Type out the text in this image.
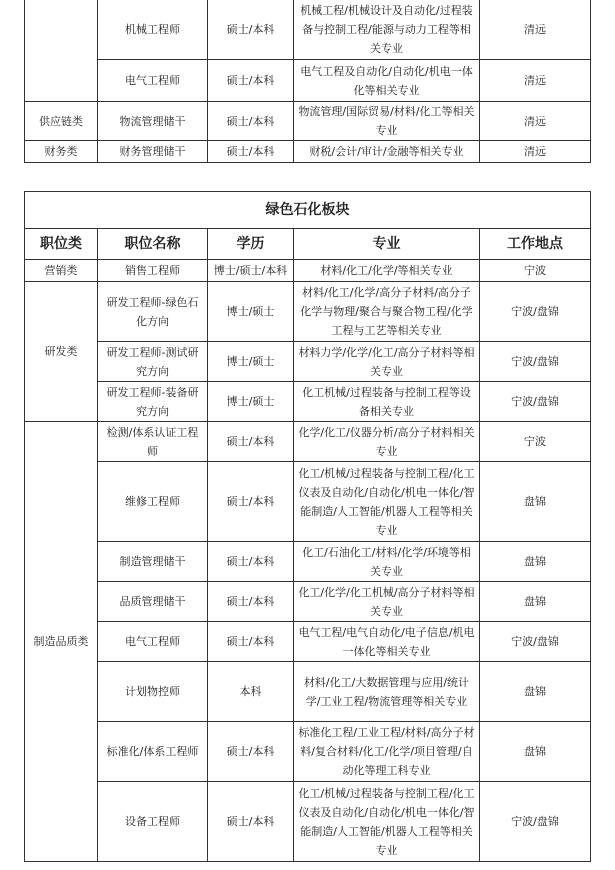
	机械工程师	硕士/本科	机械工程/机械设计及自动化/过程装备与控制工程/能源与动力工程等相关专业	清远
	电气工程师	硕士/本科	电气工程及自动化/自动化/机电一体化等相关专业	清远
供应链类	物流管理储干	硕士/本科	物流管理/国际贸易/材料/化工等相关专业	清远
财务类	财务管理储干	硕士/本科	财税/会计/审计/金融等相关专业	清远
绿色石化板块				
职位类	职位名称	学历	专业	工作地点
营销类	销售工程师	博士/硕士/本科	材料/化工/化学/等相关专业	宁波
研发类	研发工程师-绿色石化方向	博士/硕士	材料/化工/化学/高分子材料/高分子化学与物理/聚合与聚合物工程/化学工程与工艺等相关专业	宁波/盘锦
	研发工程师-测试研究方向	博士/硕士	材料力学/化学/化工/高分子材料等相关专业	宁波/盘锦
	研发工程师-装备研究方向	博士/硕士	化工机械/过程装备与控制工程等设备相关专业	宁波/盘锦
制造品质类	检测/体系认证工程师	硕士/本科	化学/化工/仪器分析/高分子材料相关专业	宁波
	维修工程师	硕士/本科	化工/机械/过程装备与控制工程/化工仪表及自动化/自动化/机电一体化/智能制造/人工智能/机器人工程等相关专业	盘锦
	制造管理储干	硕士/本科	化工/石油化工/材料/化学/环境等相关专业	盘锦
	品质管理储干	硕士/本科	化工/化学/化工机械/高分子材料等相关专业	盘锦
	电气工程师	硕士/本科	电气工程/电气自动化/电子信息/机电一体化等相关专业	宁波/盘锦
	计划物控师	本科	材料/化工/大数据管理与应用/统计学/工业工程/物流管理等相关专业	盘锦
	标准化/体系工程师	硕士/本科	标准化工程/工业工程/材料/高分子材料/复合材料/化工/化学/项目管理/自动化等理工科专业	盘锦
	设备工程师	硕士/本科	化工/机械/过程装备与控制工程/化工仪表及自动化/自动化/机电一体化/智能制造/人工智能/机器人工程等相关专业	宁波/盘锦
